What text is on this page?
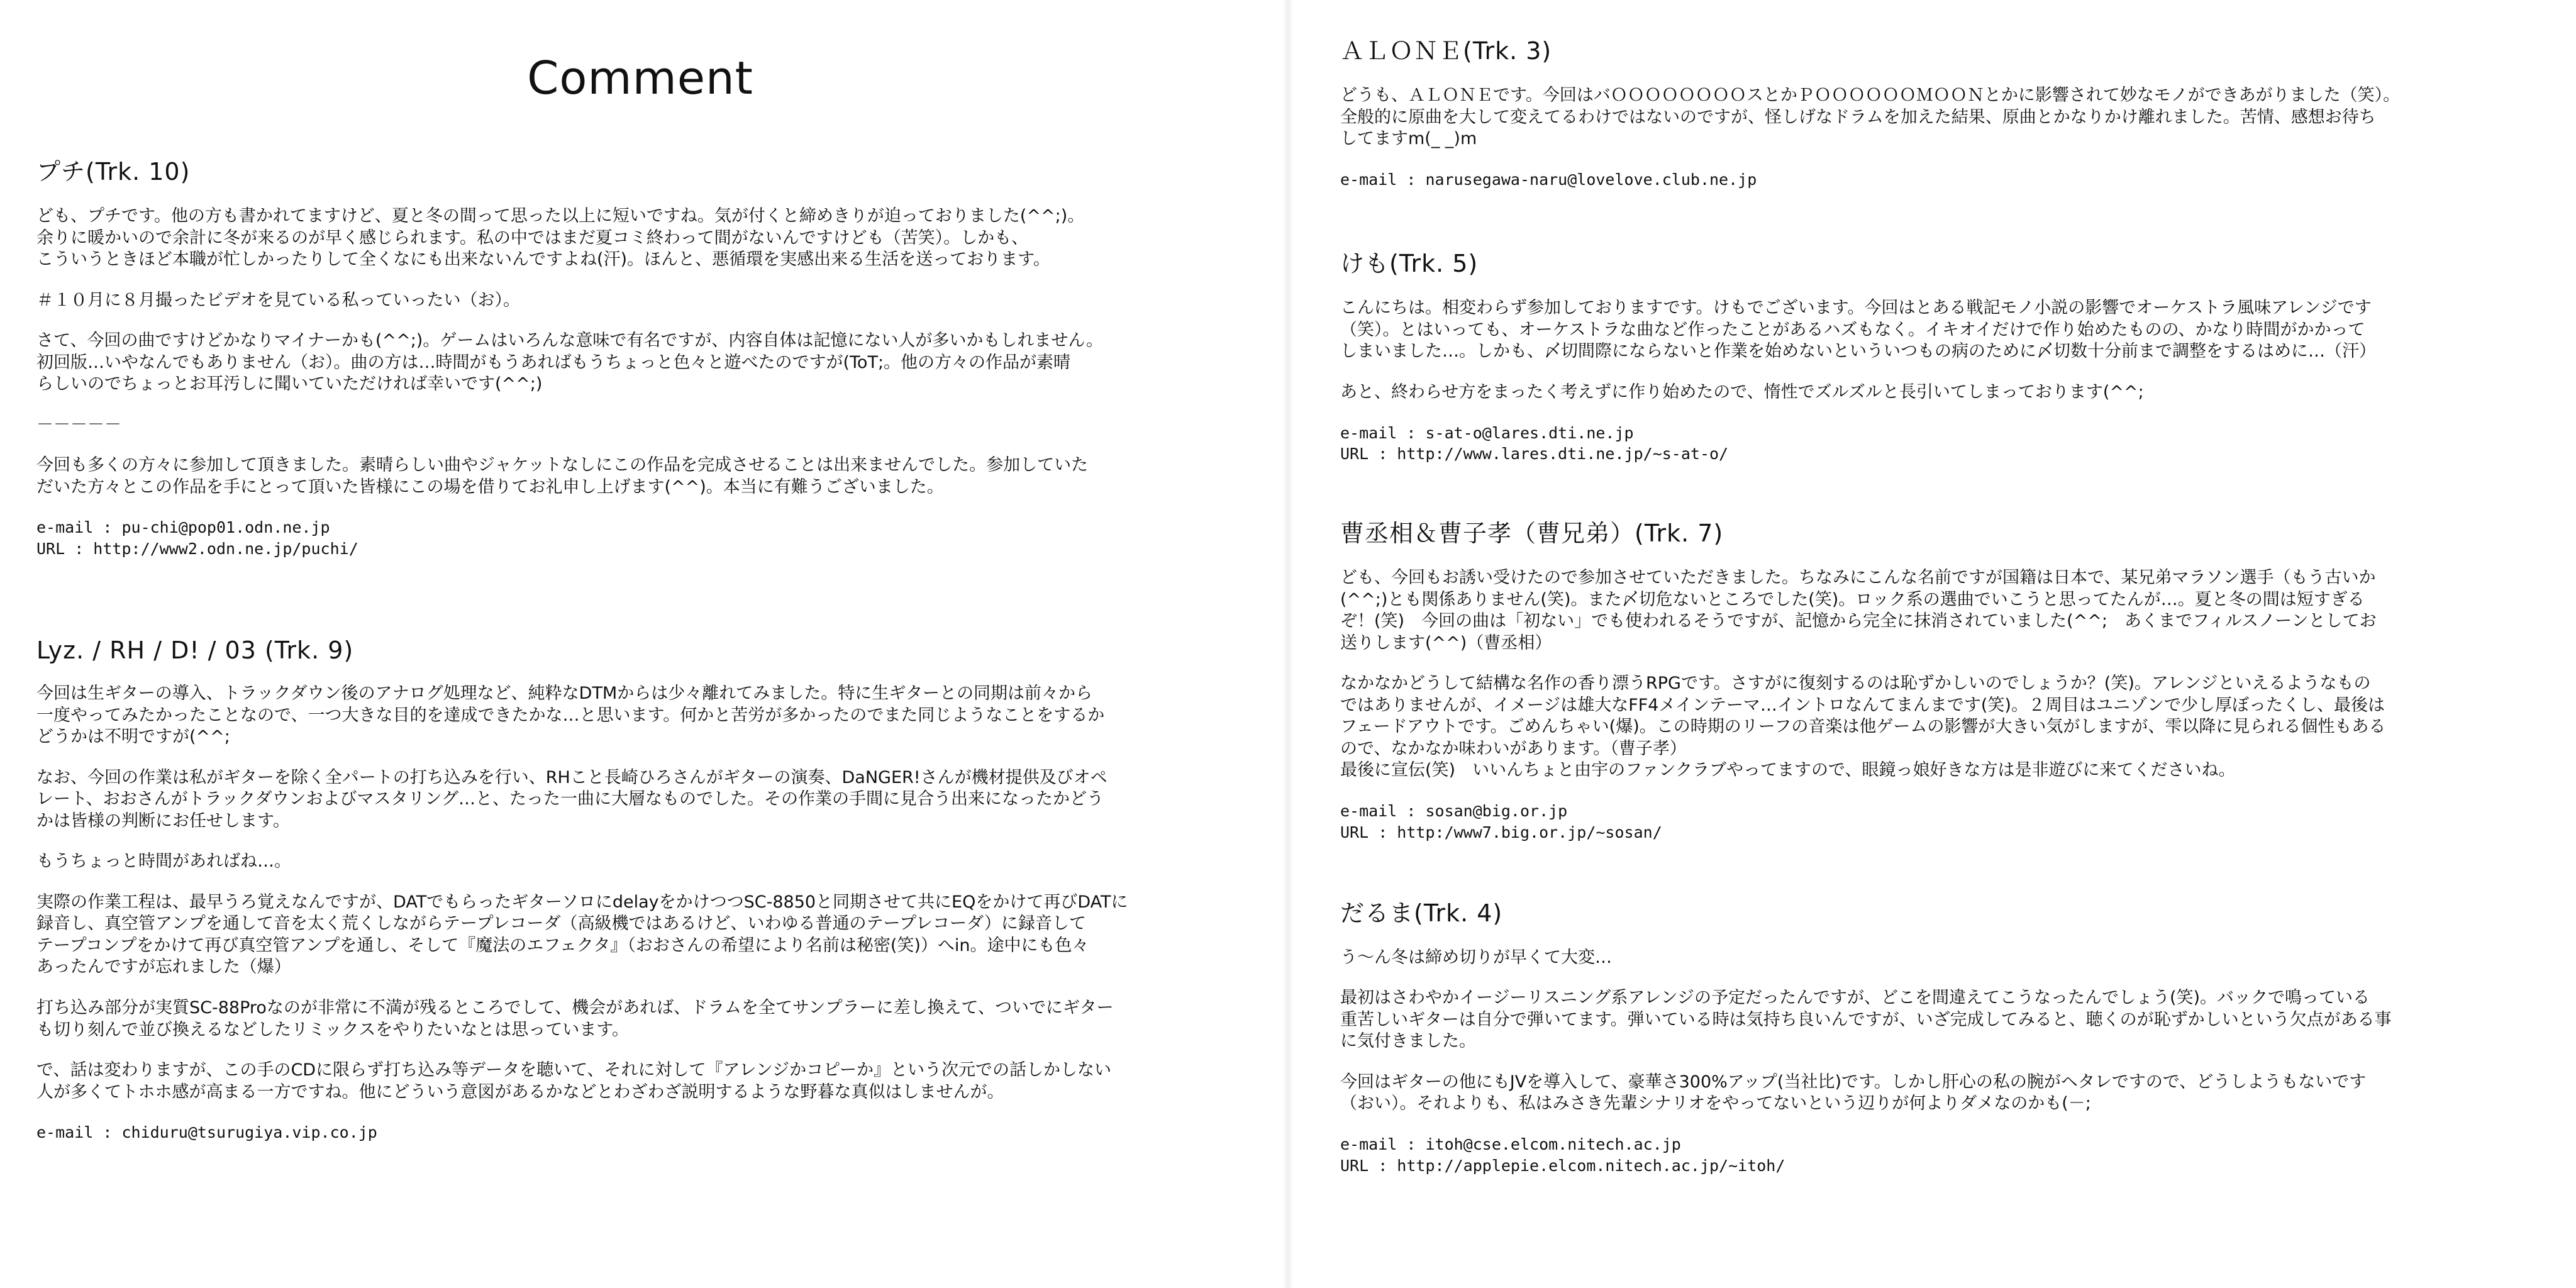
Comment
プチ(Trk. 10)

ども、プチです。他の方も書かれてますけど、夏と冬の間って思った以上に短いですね。気が付くと締めきりが迫っておりました(^^;)。
余りに暖かいので余計に冬が来るのが早く感じられます。私の中ではまだ夏コミ終わって間がないんですけども（苦笑）。しかも、
こういうときほど本職が忙しかったりして全くなにも出来ないんですよね(汗)。ほんと、悪循環を実感出来る生活を送っております。

＃１０月に８月撮ったビデオを見ている私っていったい（お）。

さて、今回の曲ですけどかなりマイナーかも(^^;)。ゲームはいろんな意味で有名ですが、内容自体は記憶にない人が多いかもしれません。
初回版…いやなんでもありません（お）。曲の方は…時間がもうあればもうちょっと色々と遊べたのですが(ToT;。他の方々の作品が素晴
らしいのでちょっとお耳汚しに聞いていただければ幸いです(^^;)

－－－－－

今回も多くの方々に参加して頂きました。素晴らしい曲やジャケットなしにこの作品を完成させることは出来ませんでした。参加していた
だいた方々とこの作品を手にとって頂いた皆様にこの場を借りてお礼申し上げます(^^)。本当に有難うございました。

e-mail : pu-chi@pop01.odn.ne.jp

URL : http://www2.odn.ne.jp/puchi/

Lyz. / RH / D! / 03 (Trk. 9)

今回は生ギターの導入、トラックダウン後のアナログ処理など、純粋なDTMからは少々離れてみました。特に生ギターとの同期は前々から
一度やってみたかったことなので、一つ大きな目的を達成できたかな…と思います。何かと苦労が多かったのでまた同じようなことをするか
どうかは不明ですが(^^;

なお、今回の作業は私がギターを除く全パートの打ち込みを行い、RHこと長崎ひろさんがギターの演奏、DaNGER!さんが機材提供及びオペ
レート、おおさんがトラックダウンおよびマスタリング…と、たった一曲に大層なものでした。その作業の手間に見合う出来になったかどう
かは皆様の判断にお任せします。

もうちょっと時間があればね…。

実際の作業工程は、最早うろ覚えなんですが、DATでもらったギターソロにdelayをかけつつSC-8850と同期させて共にEQをかけて再びDATに
録音し、真空管アンプを通して音を太く荒くしながらテープレコーダ（高級機ではあるけど、いわゆる普通のテープレコーダ）に録音して
テープコンプをかけて再び真空管アンプを通し、そして『魔法のエフェクタ』（おおさんの希望により名前は秘密(笑)）へin。途中にも色々
あったんですが忘れました（爆）

打ち込み部分が実質SC-88Proなのが非常に不満が残るところでして、機会があれば、ドラムを全てサンプラーに差し換えて、ついでにギター
も切り刻んで並び換えるなどしたリミックスをやりたいなとは思っています。

で、話は変わりますが、この手のCDに限らず打ち込み等データを聴いて、それに対して『アレンジかコピーか』という次元での話しかしない
人が多くてトホホ感が高まる一方ですね。他にどういう意図があるかなどとわざわざ説明するような野暮な真似はしませんが。

e-mail : chiduru@tsurugiya.vip.co.jp

ＡＬＯＮＥ(Trk. 3)

どうも、ＡＬＯＮＥです。今回はバＯＯＯＯＯＯＯＯスとかＰＯＯＯＯＯＯＭＯＯＮとかに影響されて妙なモノができあがりました（笑）。
全般的に原曲を大して変えてるわけではないのですが、怪しげなドラムを加えた結果、原曲とかなりかけ離れました。苦情、感想お待ち
してますm(_ _)m

e-mail : narusegawa-naru@lovelove.club.ne.jp

けも(Trk. 5)

こんにちは。相変わらず参加しておりますです。けもでございます。今回はとある戦記モノ小説の影響でオーケストラ風味アレンジです
（笑）。とはいっても、オーケストラな曲など作ったことがあるハズもなく。イキオイだけで作り始めたものの、かなり時間がかかって
しまいました…。しかも、〆切間際にならないと作業を始めないといういつもの病のために〆切数十分前まで調整をするはめに…（汗）

あと、終わらせ方をまったく考えずに作り始めたので、惰性でズルズルと長引いてしまっております(^^;

e-mail : s-at-o@lares.dti.ne.jp

URL : http://www.lares.dti.ne.jp/~s-at-o/

曹丞相＆曹子孝（曹兄弟）(Trk. 7)

ども、今回もお誘い受けたので参加させていただきました。ちなみにこんな名前ですが国籍は日本で、某兄弟マラソン選手（もう古いか
(^^;)とも関係ありません(笑)。また〆切危ないところでした(笑)。ロック系の選曲でいこうと思ってたんが…。夏と冬の間は短すぎる
ぞ！(笑)　今回の曲は「初ない」でも使われるそうですが、記憶から完全に抹消されていました(^^;　あくまでフィルスノーンとしてお
送りします(^^)（曹丞相）

なかなかどうして結構な名作の香り漂うRPGです。さすがに復刻するのは恥ずかしいのでしょうか？(笑)。アレンジといえるようなもの
ではありませんが、イメージは雄大なFF4メインテーマ…イントロなんてまんまです(笑)。２周目はユニゾンで少し厚ぼったくし、最後は
フェードアウトです。ごめんちゃい(爆)。この時期のリーフの音楽は他ゲームの影響が大きい気がしますが、雫以降に見られる個性もある
ので、なかなか味わいがあります。（曹子孝）
最後に宣伝(笑)　いいんちょと由宇のファンクラブやってますので、眼鏡っ娘好きな方は是非遊びに来てくださいね。

e-mail : sosan@big.or.jp

URL : http:/www7.big.or.jp/~sosan/

だるま(Trk. 4)

う～ん冬は締め切りが早くて大変…

最初はさわやかイージーリスニング系アレンジの予定だったんですが、どこを間違えてこうなったんでしょう(笑)。バックで鳴っている
重苦しいギターは自分で弾いてます。弾いている時は気持ち良いんですが、いざ完成してみると、聴くのが恥ずかしいという欠点がある事
に気付きました。

今回はギターの他にもJVを導入して、豪華さ300%アップ(当社比)です。しかし肝心の私の腕がヘタレですので、どうしようもないです
（おい）。それよりも、私はみさき先輩シナリオをやってないという辺りが何よりダメなのかも(－;

e-mail : itoh@cse.elcom.nitech.ac.jp

URL : http://applepie.elcom.nitech.ac.jp/~itoh/
